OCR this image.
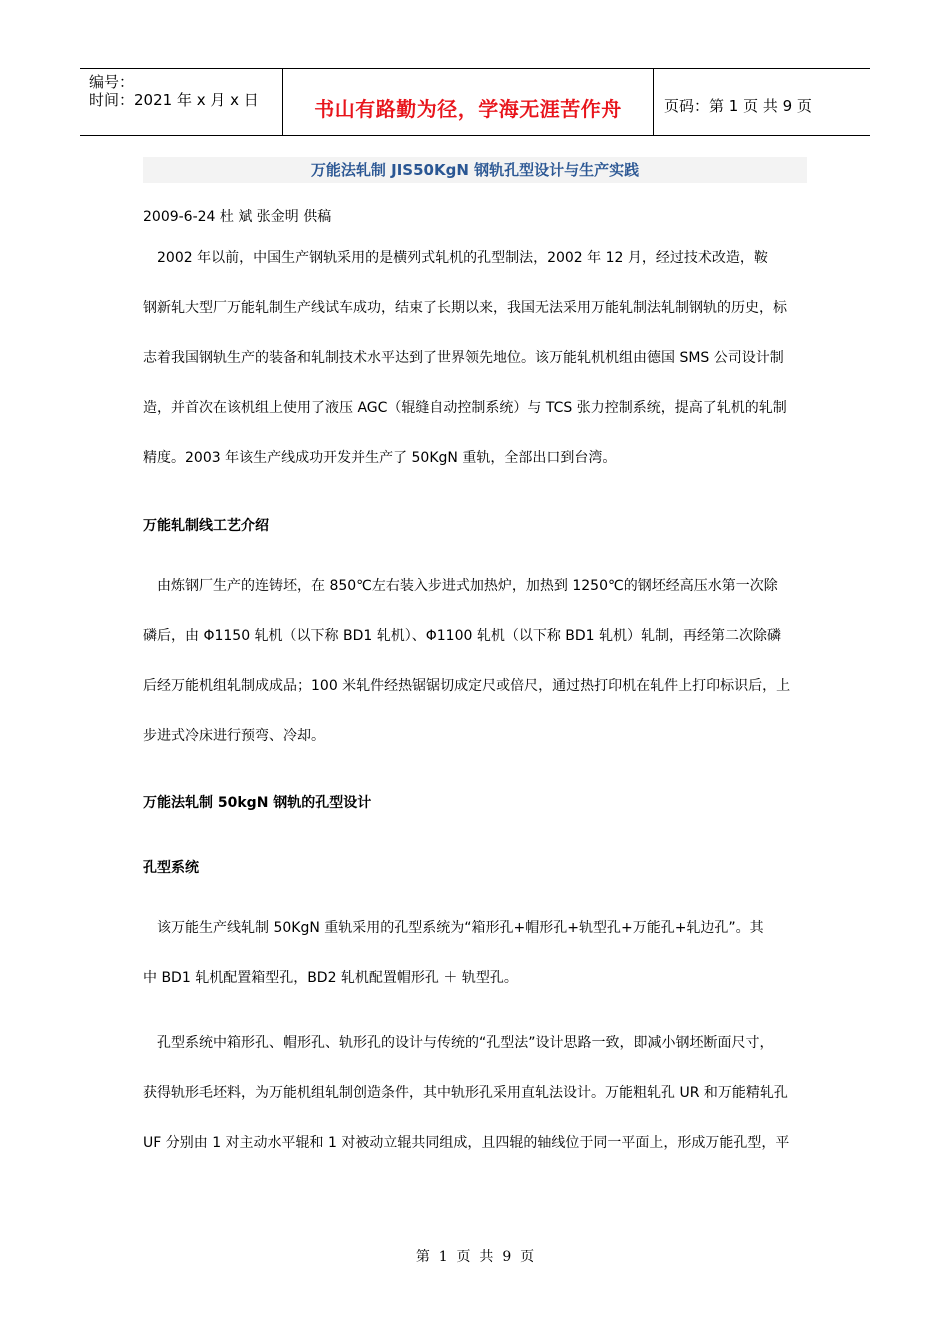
编号：
时间：2021 年 x 月 x 日	书山有路勤为径，学海无涯苦作舟	页码：第 1 页 共 9 页
万能法轧制 JIS50KgN 钢轨孔型设计与生产实践
2009-6-24 杜 斌 张金明 供稿
　2002 年以前，中国生产钢轨采用的是横列式轧机的孔型制法，2002 年 12 月，经过技术改造，鞍
钢新轧大型厂万能轧制生产线试车成功，结束了长期以来，我国无法采用万能轧制法轧制钢轨的历史，标
志着我国钢轨生产的装备和轧制技术水平达到了世界领先地位。该万能轧机机组由德国 SMS 公司设计制
造，并首次在该机组上使用了液压 AGC（辊缝自动控制系统）与 TCS 张力控制系统，提高了轧机的轧制
精度。2003 年该生产线成功开发并生产了 50KgN 重轨，全部出口到台湾。
万能轧制线工艺介绍
　由炼钢厂生产的连铸坯，在 850℃左右装入步进式加热炉，加热到 1250℃的钢坯经高压水第一次除
磷后，由 Φ1150 轧机（以下称 BD1 轧机）、Φ1100 轧机（以下称 BD1 轧机）轧制，再经第二次除磷
后经万能机组轧制成成品；100 米轧件经热锯锯切成定尺或倍尺，通过热打印机在轧件上打印标识后，上
步进式冷床进行预弯、冷却。
万能法轧制 50kgN 钢轨的孔型设计
孔型系统
　该万能生产线轧制 50KgN 重轨采用的孔型系统为“箱形孔+帽形孔+轨型孔+万能孔+轧边孔”。其
中 BD1 轧机配置箱型孔，BD2 轧机配置帽形孔 ＋ 轨型孔。
　孔型系统中箱形孔、帽形孔、轨形孔的设计与传统的“孔型法”设计思路一致，即减小钢坯断面尺寸，
获得轨形毛坯料，为万能机组轧制创造条件，其中轨形孔采用直轧法设计。万能粗轧孔 UR 和万能精轧孔
UF 分别由 1 对主动水平辊和 1 对被动立辊共同组成，且四辊的轴线位于同一平面上，形成万能孔型，平
第  1  页  共  9  页
